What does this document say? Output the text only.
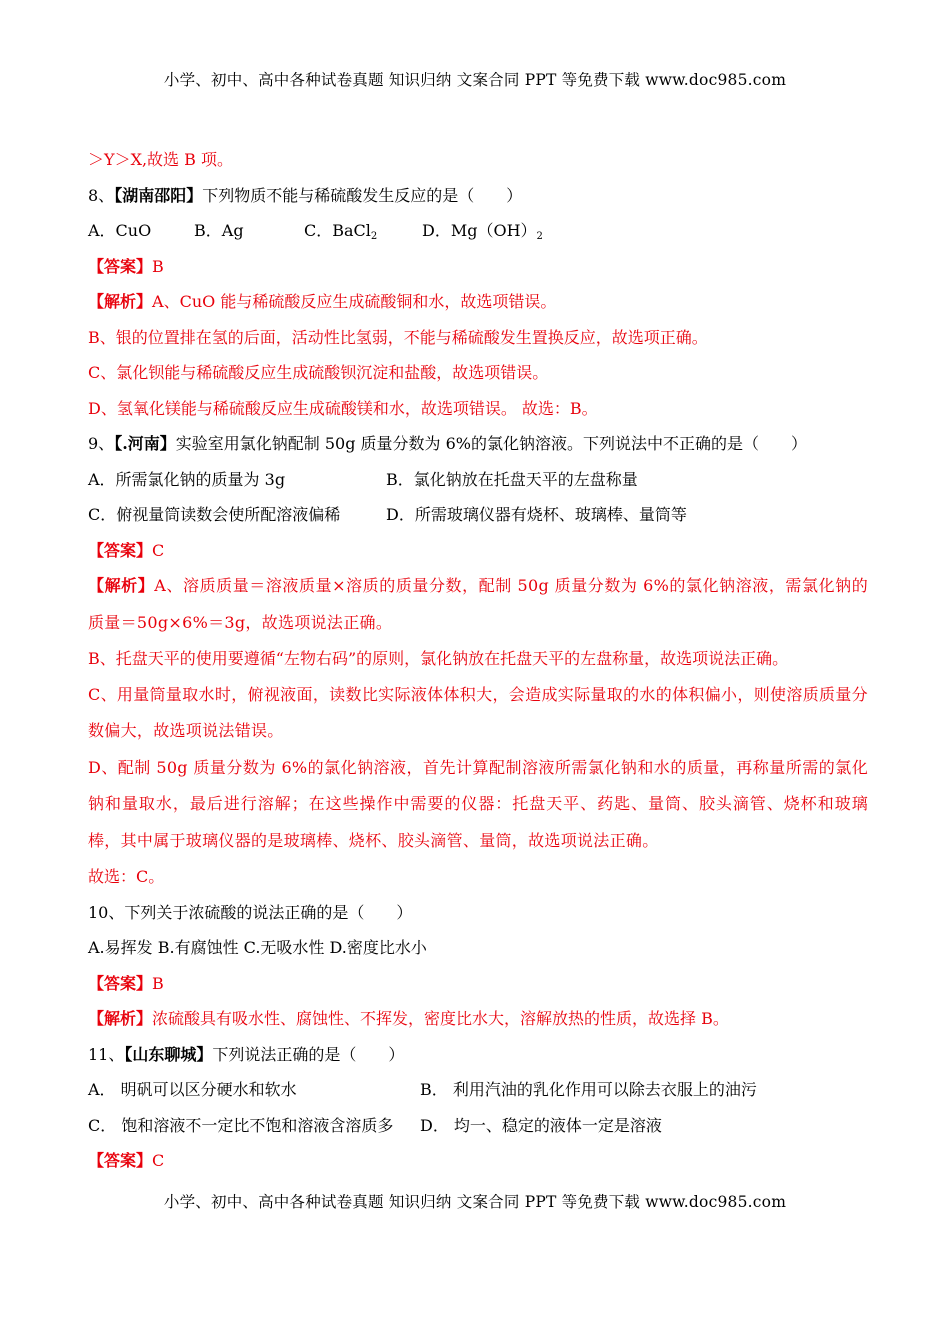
小学、初中、高中各种试卷真题 知识归纳 文案合同 PPT 等免费下载 www.doc985.com
＞Y＞X,故选 B 项。
8、【湖南邵阳】下列物质不能与稀硫酸发生反应的是（　　）
A．CuO	B．Ag	C．BaCl$_2$	D．$Mg(OH)_2$
【答案】B
【解析】A、CuO 能与稀硫酸反应生成硫酸铜和水，故选项错误。
B、银的位置排在氢的后面，活动性比氢弱，不能与稀硫酸发生置换反应，故选项正确。
C、氯化钡能与稀硫酸反应生成硫酸钡沉淀和盐酸，故选项错误。
D、氢氧化镁能与稀硫酸反应生成硫酸镁和水，故选项错误。 故选：B。
9、【.河南】实验室用氯化钠配制 50g 质量分数为 6%的氯化钠溶液。下列说法中不正确的是（　　）
A．所需氯化钠的质量为 3g	B．氯化钠放在托盘天平的左盘称量
C．俯视量筒读数会使所配溶液偏稀	D．所需玻璃仪器有烧杯、玻璃棒、量筒等
【答案】C
【解析】A、溶质质量＝溶液质量×溶质的质量分数，配制 50g 质量分数为 6%的氯化钠溶液，需氯化钠的质量＝50g×6%＝3g，故选项说法正确。
B、托盘天平的使用要遵循“左物右码”的原则，氯化钠放在托盘天平的左盘称量，故选项说法正确。
C、用量筒量取水时，俯视液面，读数比实际液体体积大，会造成实际量取的水的体积偏小，则使溶质质量分数偏大，故选项说法错误。
D、配制 50g 质量分数为 6%的氯化钠溶液，首先计算配制溶液所需氯化钠和水的质量，再称量所需的氯化钠和量取水，最后进行溶解；在这些操作中需要的仪器：托盘天平、药匙、量筒、胶头滴管、烧杯和玻璃棒，其中属于玻璃仪器的是玻璃棒、烧杯、胶头滴管、量筒，故选项说法正确。
故选：C。
10、下列关于浓硫酸的说法正确的是（　　）
A.易挥发 B.有腐蚀性 C.无吸水性 D.密度比水小
【答案】B
【解析】浓硫酸具有吸水性、腐蚀性、不挥发，密度比水大，溶解放热的性质，故选择 B。
11、【山东聊城】下列说法正确的是（　　）
A． 明矾可以区分硬水和软水	B． 利用汽油的乳化作用可以除去衣服上的油污
C． 饱和溶液不一定比不饱和溶液含溶质多	D． 均一、稳定的液体一定是溶液
【答案】C
小学、初中、高中各种试卷真题 知识归纳 文案合同 PPT 等免费下载 www.doc985.com
